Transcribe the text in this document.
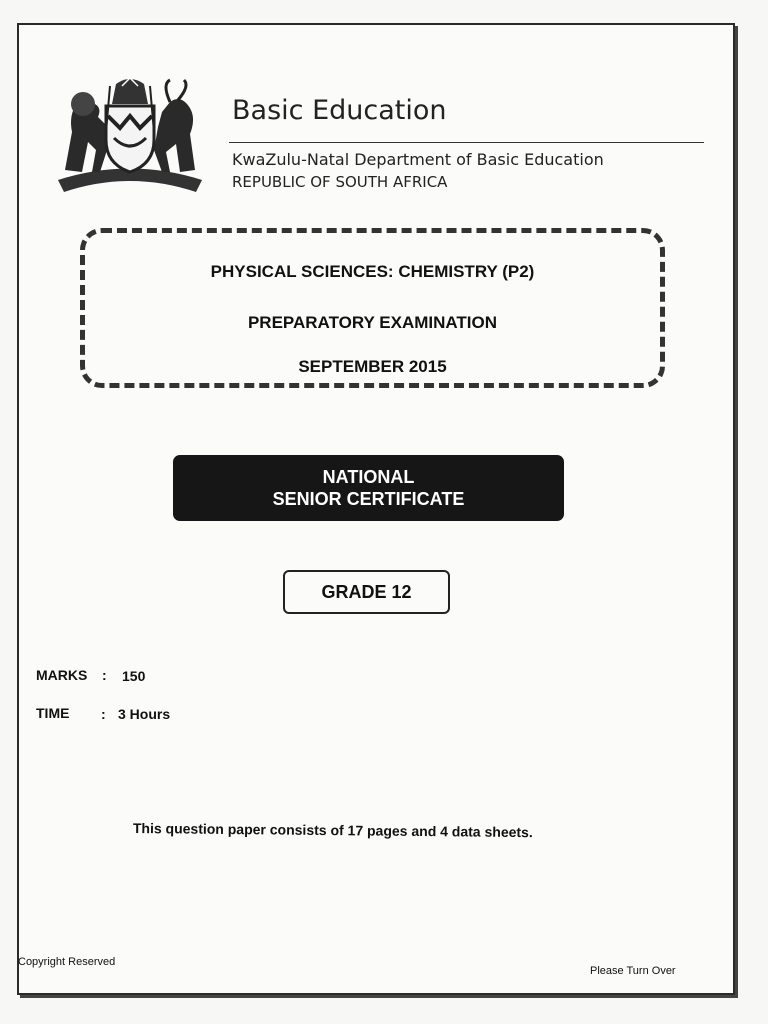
Basic Education
KwaZulu-Natal Department of Basic Education
REPUBLIC OF SOUTH AFRICA
PHYSICAL SCIENCES: CHEMISTRY (P2)
PREPARATORY EXAMINATION
SEPTEMBER 2015
NATIONAL
SENIOR CERTIFICATE
GRADE 12
MARKS : 150
TIME : 3 Hours
This question paper consists of 17 pages and 4 data sheets.
Copyright Reserved
Please Turn Over
